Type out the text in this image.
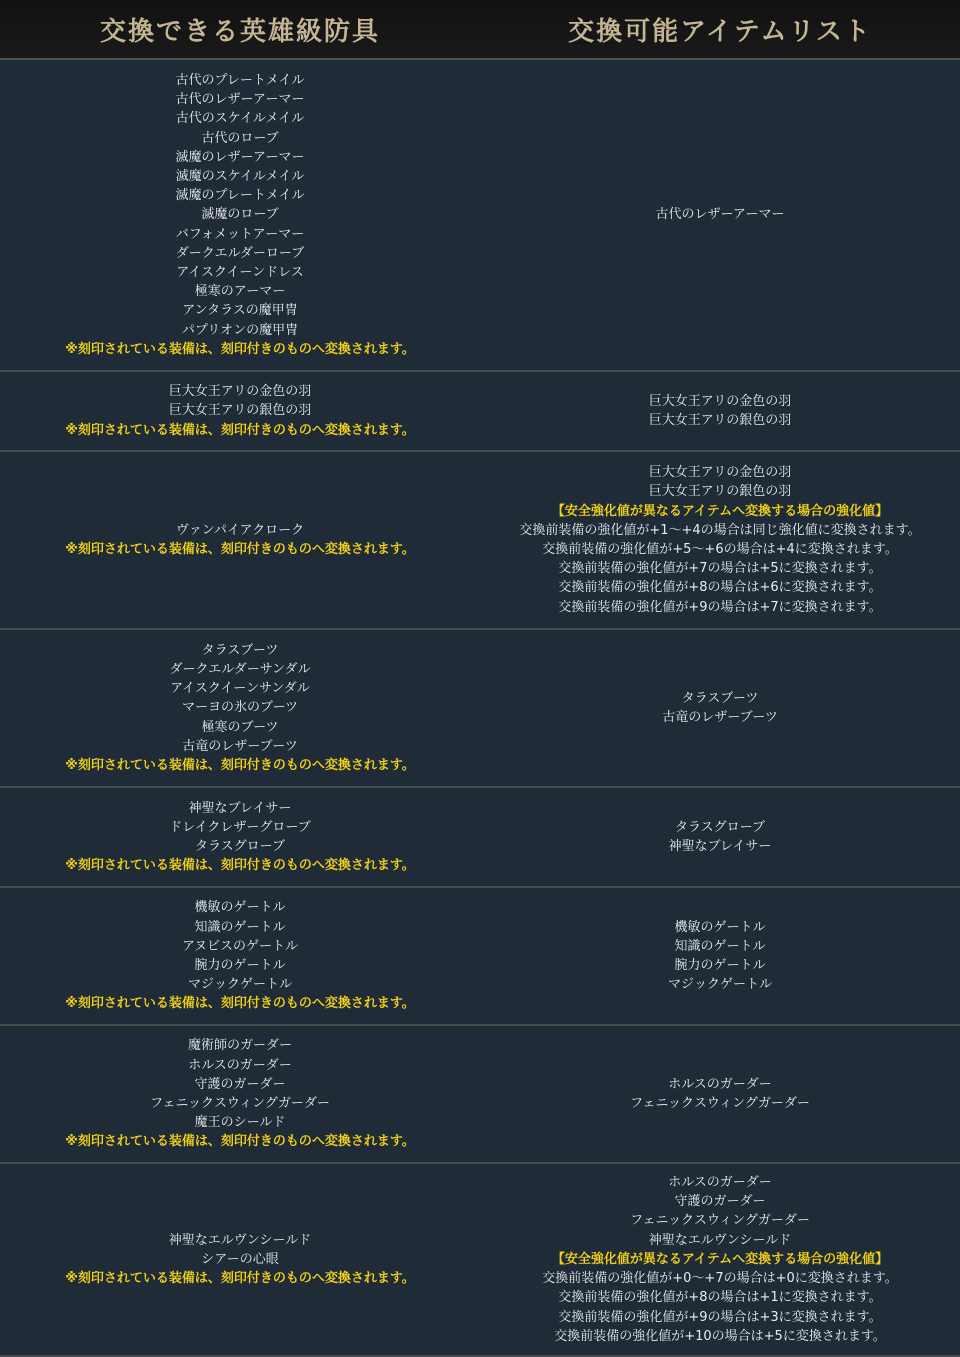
交換できる英雄級防具	交換可能アイテムリスト
古代のプレートメイル
古代のレザーアーマー
古代のスケイルメイル
古代のローブ
滅魔のレザーアーマー
滅魔のスケイルメイル
滅魔のプレートメイル
滅魔のローブ
バフォメットアーマー
ダークエルダーローブ
アイスクイーンドレス
極寒のアーマー
アンタラスの魔甲冑
パプリオンの魔甲冑
※刻印されている装備は、刻印付きのものへ変換されます。
古代のレザーアーマー
巨大女王アリの金色の羽
巨大女王アリの銀色の羽
※刻印されている装備は、刻印付きのものへ変換されます。
巨大女王アリの金色の羽
巨大女王アリの銀色の羽
ヴァンパイアクローク
※刻印されている装備は、刻印付きのものへ変換されます。
巨大女王アリの金色の羽
巨大女王アリの銀色の羽
【安全強化値が異なるアイテムへ変換する場合の強化値】
交換前装備の強化値が+1～+4の場合は同じ強化値に変換されます。
交換前装備の強化値が+5～+6の場合は+4に変換されます。
交換前装備の強化値が+7の場合は+5に変換されます。
交換前装備の強化値が+8の場合は+6に変換されます。
交換前装備の強化値が+9の場合は+7に変換されます。
タラスブーツ
ダークエルダーサンダル
アイスクイーンサンダル
マーヨの氷のブーツ
極寒のブーツ
古竜のレザーブーツ
※刻印されている装備は、刻印付きのものへ変換されます。
タラスブーツ
古竜のレザーブーツ
神聖なブレイサー
ドレイクレザーグローブ
タラスグローブ
※刻印されている装備は、刻印付きのものへ変換されます。
タラスグローブ
神聖なブレイサー
機敏のゲートル
知識のゲートル
アヌビスのゲートル
腕力のゲートル
マジックゲートル
※刻印されている装備は、刻印付きのものへ変換されます。
機敏のゲートル
知識のゲートル
腕力のゲートル
マジックゲートル
魔術師のガーダー
ホルスのガーダー
守護のガーダー
フェニックスウィングガーダー
魔王のシールド
※刻印されている装備は、刻印付きのものへ変換されます。
ホルスのガーダー
フェニックスウィングガーダー
神聖なエルヴンシールド
シアーの心眼
※刻印されている装備は、刻印付きのものへ変換されます。
ホルスのガーダー
守護のガーダー
フェニックスウィングガーダー
神聖なエルヴンシールド
【安全強化値が異なるアイテムへ変換する場合の強化値】
交換前装備の強化値が+0～+7の場合は+0に変換されます。
交換前装備の強化値が+8の場合は+1に変換されます。
交換前装備の強化値が+9の場合は+3に変換されます。
交換前装備の強化値が+10の場合は+5に変換されます。
